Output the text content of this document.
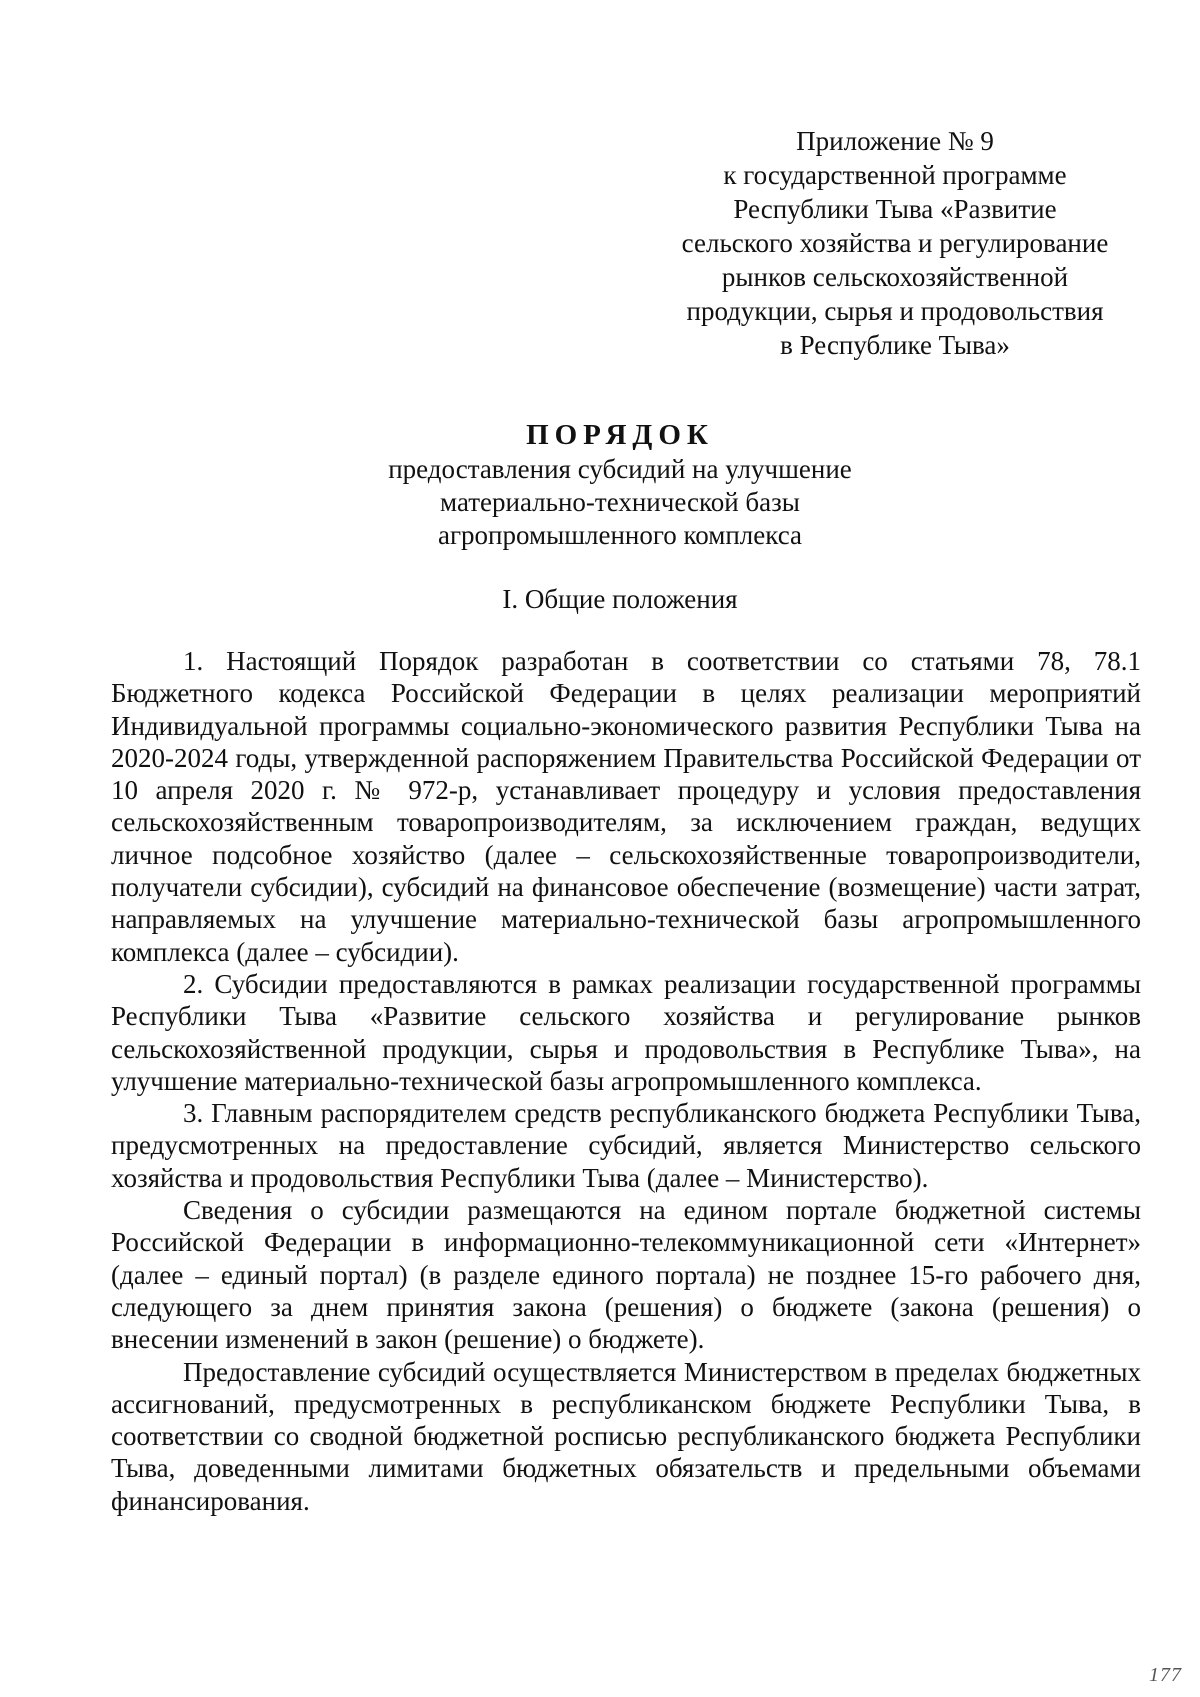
Приложение № 9
к государственной программе
Республики Тыва «Развитие
сельского хозяйства и регулирование
рынков сельскохозяйственной
продукции, сырья и продовольствия
в Республике Тыва»
ПОРЯДОК
предоставления субсидий на улучшение
материально-технической базы
агропромышленного комплекса
I. Общие положения

1. Настоящий Порядок разработан в соответствии со статьями 78, 78.1 Бюджетного кодекса Российской Федерации в целях реализации мероприятий Индивидуальной программы социально-экономического развития Республики Тыва на 2020-2024 годы, утвержденной распоряжением Правительства Российской Федерации от 10 апреля 2020 г. № 972-р, устанавливает процедуру и условия предоставления сельскохозяйственным товаропроизводителям, за исключением граждан, ведущих личное подсобное хозяйство (далее – сельскохозяйственные товаропроизводители, получатели субсидии), субсидий на финансовое обеспечение (возмещение) части затрат, направляемых на улучшение материально-технической базы агропромышленного комплекса (далее – субсидии).

2. Субсидии предоставляются в рамках реализации государственной программы Республики Тыва «Развитие сельского хозяйства и регулирование рынков сельскохозяйственной продукции, сырья и продовольствия в Республике Тыва», на улучшение материально-технической базы агропромышленного комплекса.

3. Главным распорядителем средств республиканского бюджета Республики Тыва, предусмотренных на предоставление субсидий, является Министерство сельского хозяйства и продовольствия Республики Тыва (далее – Министерство).

Сведения о субсидии размещаются на едином портале бюджетной системы Российской Федерации в информационно-телекоммуникационной сети «Интернет» (далее – единый портал) (в разделе единого портала) не позднее 15-го рабочего дня, следующего за днем принятия закона (решения) о бюджете (закона (решения) о внесении изменений в закон (решение) о бюджете).

Предоставление субсидий осуществляется Министерством в пределах бюджетных ассигнований, предусмотренных в республиканском бюджете Республики Тыва, в соответствии со сводной бюджетной росписью республиканского бюджета Республики Тыва, доведенными лимитами бюджетных обязательств и предельными объемами финансирования.

177
